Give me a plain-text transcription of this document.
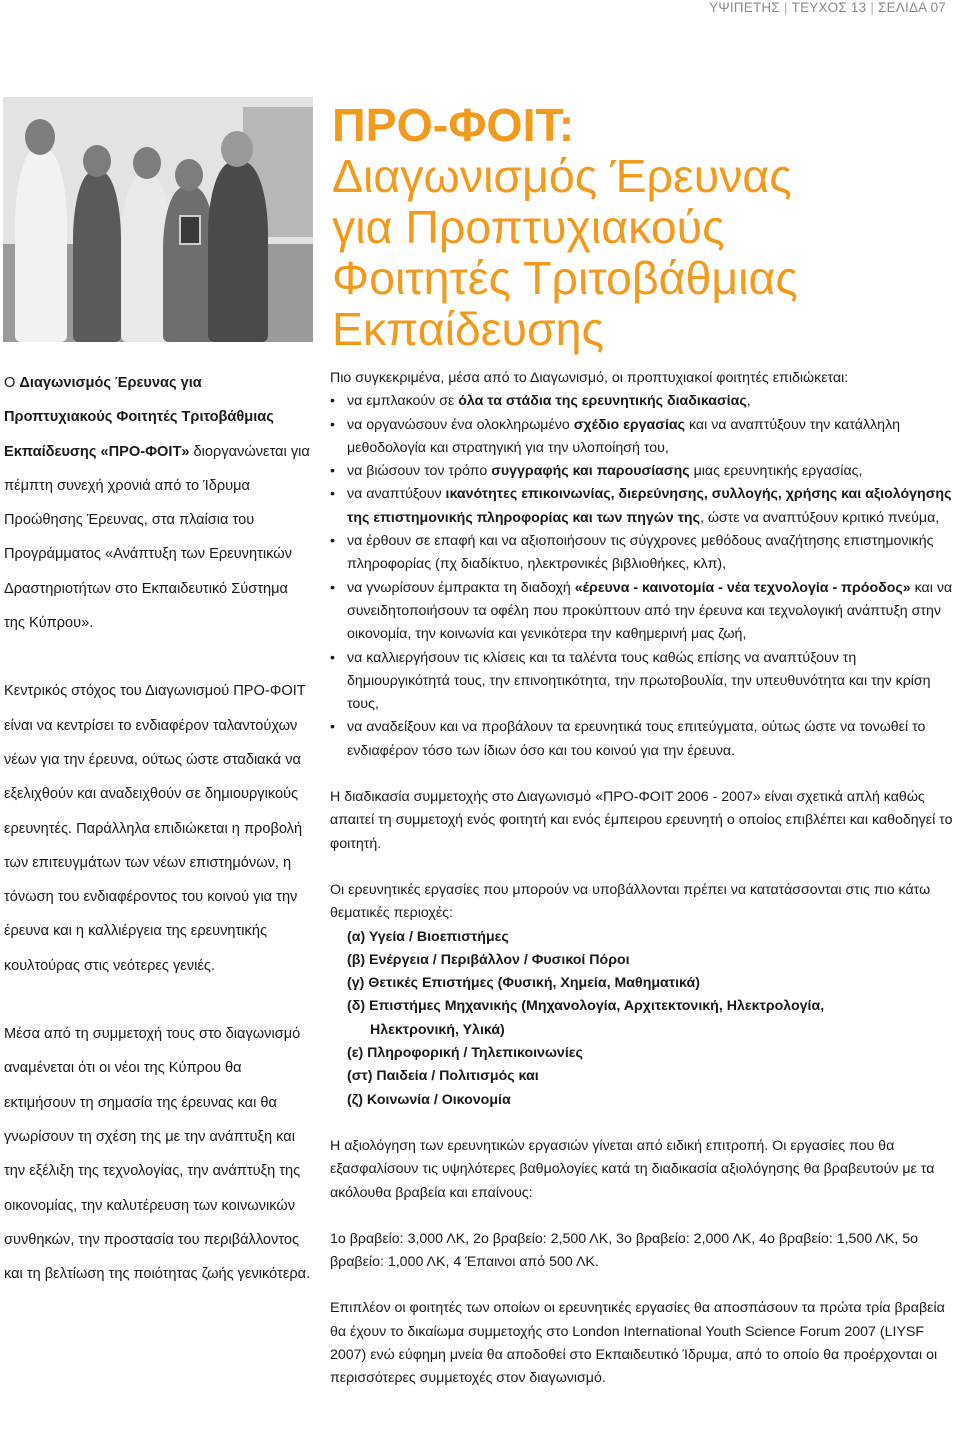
ΥΨΙΠΕΤΗΣ | ΤΕΥΧΟΣ 13 | ΣΕΛΙΔΑ 07
ΠΡΟ-ΦΟΙΤ:
Διαγωνισμός Έρευνας
για Προπτυχιακούς
Φοιτητές Τριτοβάθμιας
Εκπαίδευσης

Ο Διαγωνισμός Έρευνας για Προπτυχιακούς Φοιτητές Τριτοβάθμιας Εκπαίδευσης «ΠΡΟ-ΦΟΙΤ» διοργανώνεται για πέμπτη συνεχή χρονιά από το Ίδρυμα Προώθησης Έρευνας, στα πλαίσια του Προγράμματος «Ανάπτυξη των Ερευνητικών Δραστηριοτήτων στο Εκπαιδευτικό Σύστημα της Κύπρου».

Κεντρικός στόχος του Διαγωνισμού ΠΡΟ-ΦΟΙΤ είναι να κεντρίσει το ενδιαφέρον ταλαντούχων νέων για την έρευνα, ούτως ώστε σταδιακά να εξελιχθούν και αναδειχθούν σε δημιουργικούς ερευνητές. Παράλληλα επιδιώκεται η προβολή των επιτευγμάτων των νέων επιστημόνων, η τόνωση του ενδιαφέροντος του κοινού για την έρευνα και η καλλιέργεια της ερευνητικής κουλτούρας στις νεότερες γενιές.

Μέσα από τη συμμετοχή τους στο διαγωνισμό αναμένεται ότι οι νέοι της Κύπρου θα εκτιμήσουν τη σημασία της έρευνας και θα γνωρίσουν τη σχέση της με την ανάπτυξη και την εξέλιξη της τεχνολογίας, την ανάπτυξη της οικονομίας, την καλυτέρευση των κοινωνικών συνθηκών, την προστασία του περιβάλλοντος και τη βελτίωση της ποιότητας ζωής γενικότερα.

Πιο συγκεκριμένα, μέσα από το Διαγωνισμό, οι προπτυχιακοί φοιτητές επιδιώκεται:

• να εμπλακούν σε όλα τα στάδια της ερευνητικής διαδικασίας,
• να οργανώσουν ένα ολοκληρωμένο σχέδιο εργασίας και να αναπτύξουν την κατάλληλη μεθοδολογία και στρατηγική για την υλοποίησή του,
• να βιώσουν τον τρόπο συγγραφής και παρουσίασης μιας ερευνητικής εργασίας,
• να αναπτύξουν ικανότητες επικοινωνίας, διερεύνησης, συλλογής, χρήσης και αξιολόγησης της επιστημονικής πληροφορίας και των πηγών της, ώστε να αναπτύξουν κριτικό πνεύμα,
• να έρθουν σε επαφή και να αξιοποιήσουν τις σύγχρονες μεθόδους αναζήτησης επιστημονικής πληροφορίας (πχ διαδίκτυο, ηλεκτρονικές βιβλιοθήκες, κλπ),
• να γνωρίσουν έμπρακτα τη διαδοχή «έρευνα - καινοτομία - νέα τεχνολογία - πρόοδος» και να συνειδητοποιήσουν τα οφέλη που προκύπτουν από την έρευνα και τεχνολογική ανάπτυξη στην οικονομία, την κοινωνία και γενικότερα την καθημερινή μας ζωή,
• να καλλιεργήσουν τις κλίσεις και τα ταλέντα τους καθώς επίσης να αναπτύξουν τη δημιουργικότητά τους, την επινοητικότητα, την πρωτοβουλία, την υπευθυνότητα και την κρίση τους,
• να αναδείξουν και να προβάλουν τα ερευνητικά τους επιτεύγματα, ούτως ώστε να τονωθεί το ενδιαφέρον τόσο των ίδιων όσο και του κοινού για την έρευνα.

Η διαδικασία συμμετοχής στο Διαγωνισμό «ΠΡΟ-ΦΟΙΤ 2006 - 2007» είναι σχετικά απλή καθώς απαιτεί τη συμμετοχή ενός φοιτητή και ενός έμπειρου ερευνητή ο οποίος επιβλέπει και καθοδηγεί το φοιτητή.

Οι ερευνητικές εργασίες που μπορούν να υποβάλλονται πρέπει να κατατάσσονται στις πιο κάτω θεματικές περιοχές:

(α) Υγεία / Βιοεπιστήμες
(β) Ενέργεια / Περιβάλλον / Φυσικοί Πόροι
(γ) Θετικές Επιστήμες (Φυσική, Χημεία, Μαθηματικά)
(δ) Επιστήμες Μηχανικής (Μηχανολογία, Αρχιτεκτονική, Ηλεκτρολογία,
Ηλεκτρονική, Υλικά)
(ε) Πληροφορική / Τηλεπικοινωνίες
(στ) Παιδεία / Πολιτισμός και
(ζ) Κοινωνία / Οικονομία

Η αξιολόγηση των ερευνητικών εργασιών γίνεται από ειδική επιτροπή. Οι εργασίες που θα εξασφαλίσουν τις υψηλότερες βαθμολογίες κατά τη διαδικασία αξιολόγησης θα βραβευτούν με τα ακόλουθα βραβεία και επαίνους:

1ο βραβείο: 3,000 ΛΚ, 2ο βραβείο: 2,500 ΛΚ, 3ο βραβείο: 2,000 ΛΚ, 4ο βραβείο: 1,500 ΛΚ, 5ο βραβείο: 1,000 ΛΚ, 4 Έπαινοι από 500 ΛΚ.

Επιπλέον οι φοιτητές των οποίων οι ερευνητικές εργασίες θα αποσπάσουν τα πρώτα τρία βραβεία θα έχουν το δικαίωμα συμμετοχής στο London International Youth Science Forum 2007 (LIYSF 2007) ενώ εύφημη μνεία θα αποδοθεί στο Εκπαιδευτικό Ίδρυμα, από το οποίο θα προέρχονται οι περισσότερες συμμετοχές στον διαγωνισμό.
